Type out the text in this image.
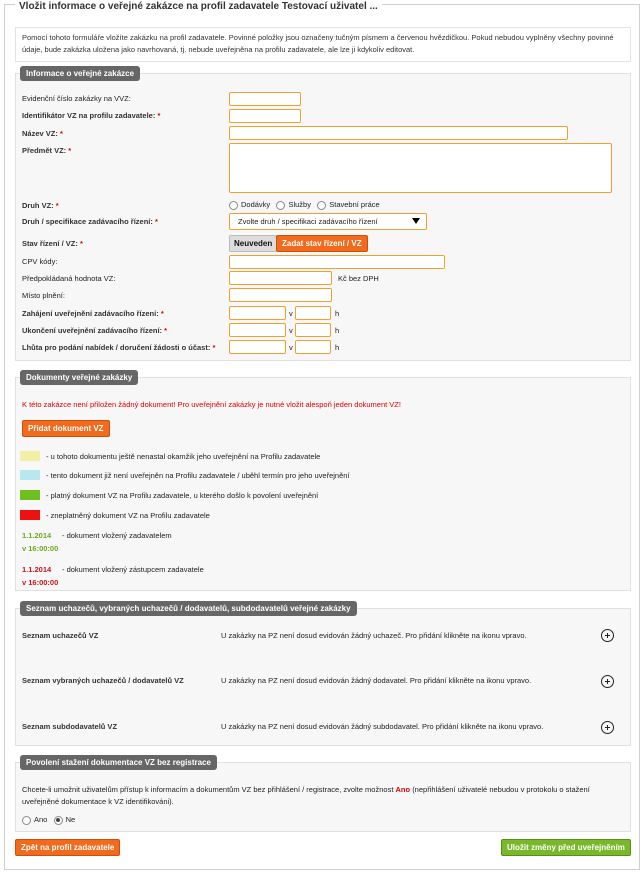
Vložit informace o veřejné zakázce na profil zadavatele Testovací uživatel ...

Pomocí tohoto formuláře vložíte zakázku na profil zadavatele. Povinné položky jsou označeny tučným písmem a červenou hvězdičkou. Pokud nebudou vyplněny všechny povinné údaje, bude zakázka uložena jako navrhovaná, tj. nebude uveřejněna na profilu zadavatele, ale lze ji kdykoliv editovat.

Informace o veřejné zakázce
Evidenční číslo zakázky na VVZ:
Identifikátor VZ na profilu zadavatele: *
Název VZ: *
Předmět VZ: *
Druh VZ: *	Dodávky Služby Stavební práce
Druh / specifikace zadávacího řízení: *	Zvolte druh / specifikaci zadávacího řízení
Stav řízení / VZ: *	Neuveden	Zadat stav řízení / VZ
CPV kódy:
Předpokládaná hodnota VZ:	Kč bez DPH
Místo plnění:
Zahájení uveřejnění zadávacího řízení: *	v	h
Ukončení uveřejnění zadávacího řízení: *	v	h
Lhůta pro podání nabídek / doručení žádosti o účast: *	v	h
Dokumenty veřejné zakázky
K této zakázce není přiložen žádný dokument! Pro uveřejnění zakázky je nutné vložit alespoň jeden dokument VZ!
Přidat dokument VZ
- u tohoto dokumentu ještě nenastal okamžik jeho uveřejnění na Profilu zadavatele
- tento dokument již není uveřejněn na Profilu zadavatele / uběhl termín pro jeho uveřejnění
- platný dokument VZ na Profilu zadavatele, u kterého došlo k povolení uveřejnění
- zneplatněný dokument VZ na Profilu zadavatele
1.1.2014
v 16:00:00
- dokument vložený zadavatelem
1.1.2014
v 16:00:00
- dokument vložený zástupcem zadavatele
Seznam uchazečů, vybraných uchazečů / dodavatelů, subdodavatelů veřejné zakázky
Seznam uchazečů VZ	U zakázky na PZ není dosud evidován žádný uchazeč. Pro přidání klikněte na ikonu vpravo.
Seznam vybraných uchazečů / dodavatelů VZ	U zakázky na PZ není dosud evidován žádný dodavatel. Pro přidání klikněte na ikonu vpravo.
Seznam subdodavatelů VZ	U zakázky na PZ není dosud evidován žádný subdodavatel. Pro přidání klikněte na ikonu vpravo.
Povolení stažení dokumentace VZ bez registrace
Chcete-li umožnit uživatelům přístup k informacím a dokumentům VZ bez přihlášení / registrace, zvolte možnost Ano (nepřihlášení uživatelé nebudou v protokolu o stažení uveřejněné dokumentace k VZ identifikováni).
Ano Ne
Zpět na profil zadavatele	Uložit změny před uveřejněním
